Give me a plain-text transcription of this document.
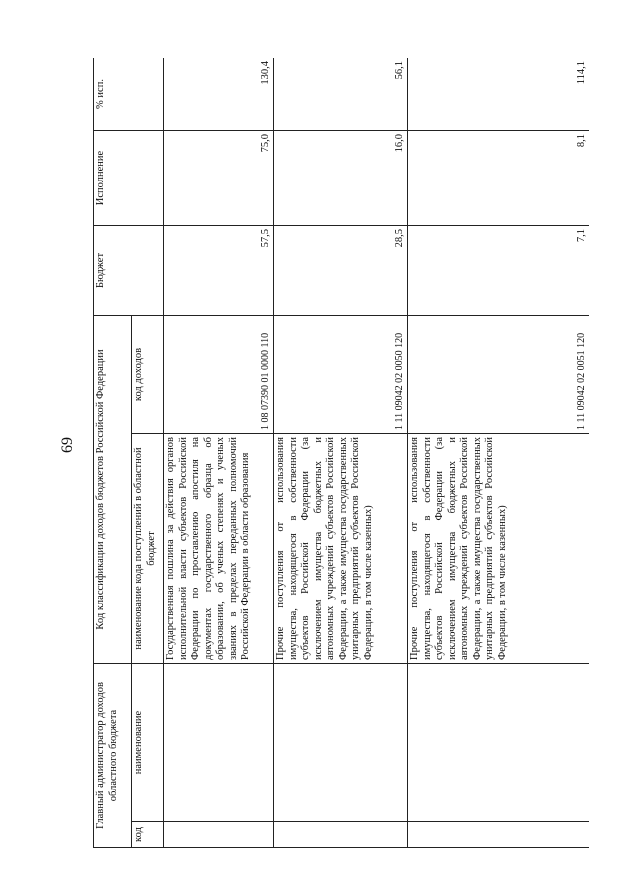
69
Главный администратор доходов областного бюджета		Код классификации доходов бюджетов Российской Федерации		Бюджет	Исполнение	% исп.
код	наименование	наименование кода поступлений в областной бюджет	код доходов			
		Государственная пошлина за действия органов исполнительной власти субъектов Российской Федерации по проставлению апостиля на документах государственного образца об образовании, об ученых степенях и ученых званиях в пределах переданных полномочий Российской Федерации в области образования	1 08 07390 01 0000 110	57,5	75,0	130,4
		Прочие поступления от использования имущества, находящегося в собственности субъектов Российской Федерации (за исключением имущества бюджетных и автономных учреждений субъектов Российской Федерации, а также имущества государственных унитарных предприятий субъектов Российской Федерации, в том числе казенных)	1 11 09042 02 0050 120	28,5	16,0	56,1
		Прочие поступления от использования имущества, находящегося в собственности субъектов Российской Федерации (за исключением имущества бюджетных и автономных учреждений субъектов Российской Федерации, а также имущества государственных унитарных предприятий субъектов Российской Федерации, в том числе казенных)	1 11 09042 02 0051 120	7,1	8,1	114,1
